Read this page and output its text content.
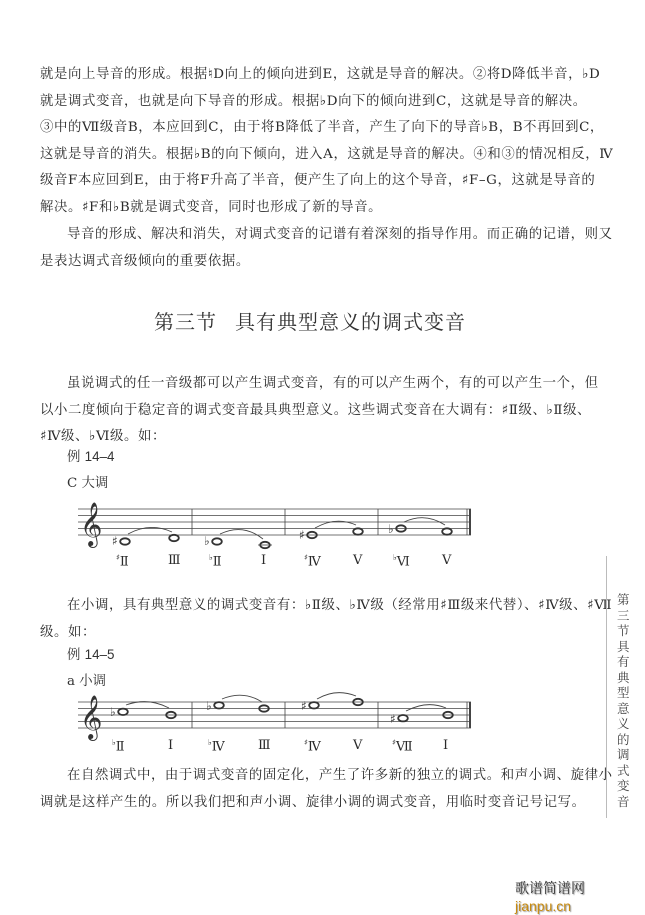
就是向上导音的形成。根据♮D向上的倾向进到E，这就是导音的解决。②将D降低半音，♭D
就是调式变音，也就是向下导音的形成。根据♭D向下的倾向进到C，这就是导音的解决。
③中的Ⅶ级音B，本应回到C，由于将B降低了半音，产生了向下的导音♭B，B不再回到C，
这就是导音的消失。根据♭B的向下倾向，进入A，这就是导音的解决。④和③的情况相反，Ⅳ
级音F本应回到E，由于将F升高了半音，便产生了向上的这个导音，♯F–G，这就是导音的
解决。♯F和♭B就是调式变音，同时也形成了新的导音。
导音的形成、解决和消失，对调式变音的记谱有着深刻的指导作用。而正确的记谱，则又
是表达调式音级倾向的重要依据。
第三节 具有典型意义的调式变音
虽说调式的任一音级都可以产生调式变音，有的可以产生两个，有的可以产生一个，但
以小二度倾向于稳定音的调式变音最具典型意义。这些调式变音在大调有：♯Ⅱ级、♭Ⅱ级、
♯Ⅳ级、♭Ⅵ级。如：
例 14–4
C 大调
𝄞 ♯	♭	♯	♭
♯Ⅱ	Ⅲ	♭Ⅱ	Ⅰ	♯Ⅳ Ⅴ	♭Ⅵ Ⅴ
在小调，具有典型意义的调式变音有：♭Ⅱ级、♭Ⅳ级（经常用♯Ⅲ级来代替）、♯Ⅳ级、♯Ⅶ
级。如：
例 14–5
a 小调
𝄞 ♭	♭	♯
♯
♭Ⅱ	Ⅰ	♭Ⅳ	Ⅲ	♯Ⅳ Ⅴ	♯Ⅶ Ⅰ
在自然调式中，由于调式变音的固定化，产生了许多新的独立的调式。和声小调、旋律小
调就是这样产生的。所以我们把和声小调、旋律小调的调式变音，用临时变音记号记写。
第三节　具有典型意义的调式变音
歌谱简谱网 jianpu.cn
